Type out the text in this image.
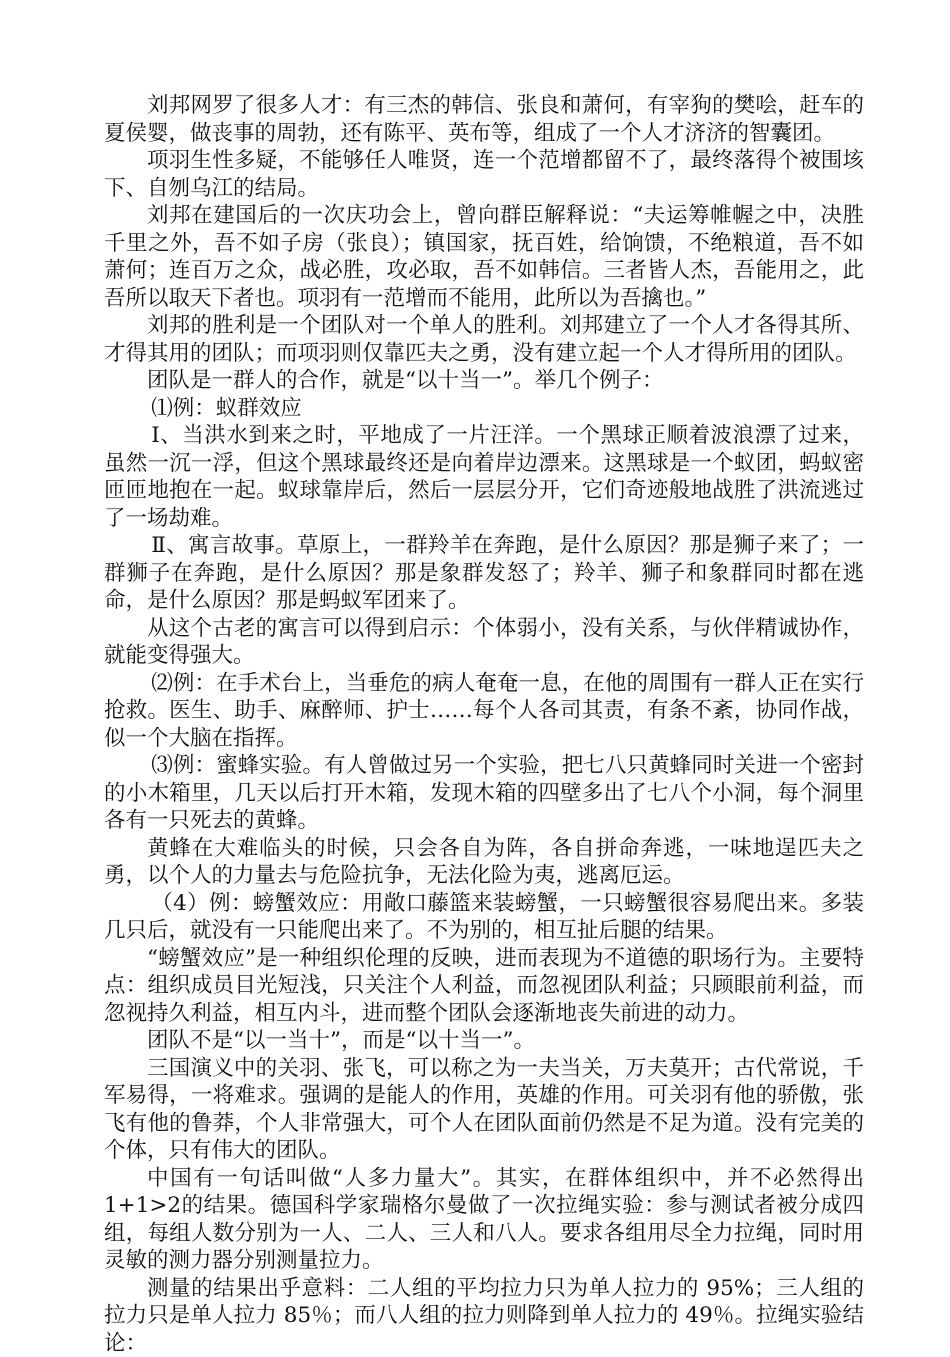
刘邦网罗了很多人才：有三杰的韩信、张良和萧何，有宰狗的樊哙，赶车的夏侯婴，做丧事的周勃，还有陈平、英布等，组成了一个人才济济的智囊团。

项羽生性多疑，不能够任人唯贤，连一个范增都留不了，最终落得个被围垓下、自刎乌江的结局。

刘邦在建国后的一次庆功会上，曾向群臣解释说：“夫运筹帷幄之中，决胜千里之外，吾不如子房（张良）；镇国家，抚百姓，给饷馈，不绝粮道，吾不如萧何；连百万之众，战必胜，攻必取，吾不如韩信。三者皆人杰，吾能用之，此吾所以取天下者也。项羽有一范增而不能用，此所以为吾擒也。”

刘邦的胜利是一个团队对一个单人的胜利。刘邦建立了一个人才各得其所、才得其用的团队；而项羽则仅靠匹夫之勇，没有建立起一个人才得所用的团队。

团队是一群人的合作，就是“以十当一”。举几个例子：

⑴例：蚁群效应

Ⅰ、当洪水到来之时，平地成了一片汪洋。一个黑球正顺着波浪漂了过来，虽然一沉一浮，但这个黑球最终还是向着岸边漂来。这黑球是一个蚁团，蚂蚁密匝匝地抱在一起。蚁球靠岸后，然后一层层分开，它们奇迹般地战胜了洪流逃过了一场劫难。

Ⅱ、寓言故事。草原上，一群羚羊在奔跑，是什么原因？那是狮子来了；一群狮子在奔跑，是什么原因？那是象群发怒了；羚羊、狮子和象群同时都在逃命，是什么原因？那是蚂蚁军团来了。

从这个古老的寓言可以得到启示：个体弱小，没有关系，与伙伴精诚协作，就能变得强大。

⑵例：在手术台上，当垂危的病人奄奄一息，在他的周围有一群人正在实行抢救。医生、助手、麻醉师、护士……每个人各司其责，有条不紊，协同作战，似一个大脑在指挥。

⑶例：蜜蜂实验。有人曾做过另一个实验，把七八只黄蜂同时关进一个密封的小木箱里，几天以后打开木箱，发现木箱的四壁多出了七八个小洞，每个洞里各有一只死去的黄蜂。

黄蜂在大难临头的时候，只会各自为阵，各自拼命奔逃，一味地逞匹夫之勇，以个人的力量去与危险抗争，无法化险为夷，逃离厄运。

（4）例：螃蟹效应：用敞口藤篮来装螃蟹，一只螃蟹很容易爬出来。多装几只后，就没有一只能爬出来了。不为别的，相互扯后腿的结果。

“螃蟹效应”是一种组织伦理的反映，进而表现为不道德的职场行为。主要特点：组织成员目光短浅，只关注个人利益，而忽视团队利益；只顾眼前利益，而忽视持久利益，相互内斗，进而整个团队会逐渐地丧失前进的动力。

团队不是“以一当十”，而是“以十当一”。

三国演义中的关羽、张飞，可以称之为一夫当关，万夫莫开；古代常说，千军易得，一将难求。强调的是能人的作用，英雄的作用。可关羽有他的骄傲，张飞有他的鲁莽，个人非常强大，可个人在团队面前仍然是不足为道。没有完美的个体，只有伟大的团队。

中国有一句话叫做“人多力量大”。其实，在群体组织中，并不必然得出1+1>2的结果。德国科学家瑞格尔曼做了一次拉绳实验：参与测试者被分成四组，每组人数分别为一人、二人、三人和八人。要求各组用尽全力拉绳，同时用灵敏的测力器分别测量拉力。

测量的结果出乎意料：二人组的平均拉力只为单人拉力的 95%；三人组的拉力只是单人拉力 85％；而八人组的拉力则降到单人拉力的 49％。拉绳实验结论：
